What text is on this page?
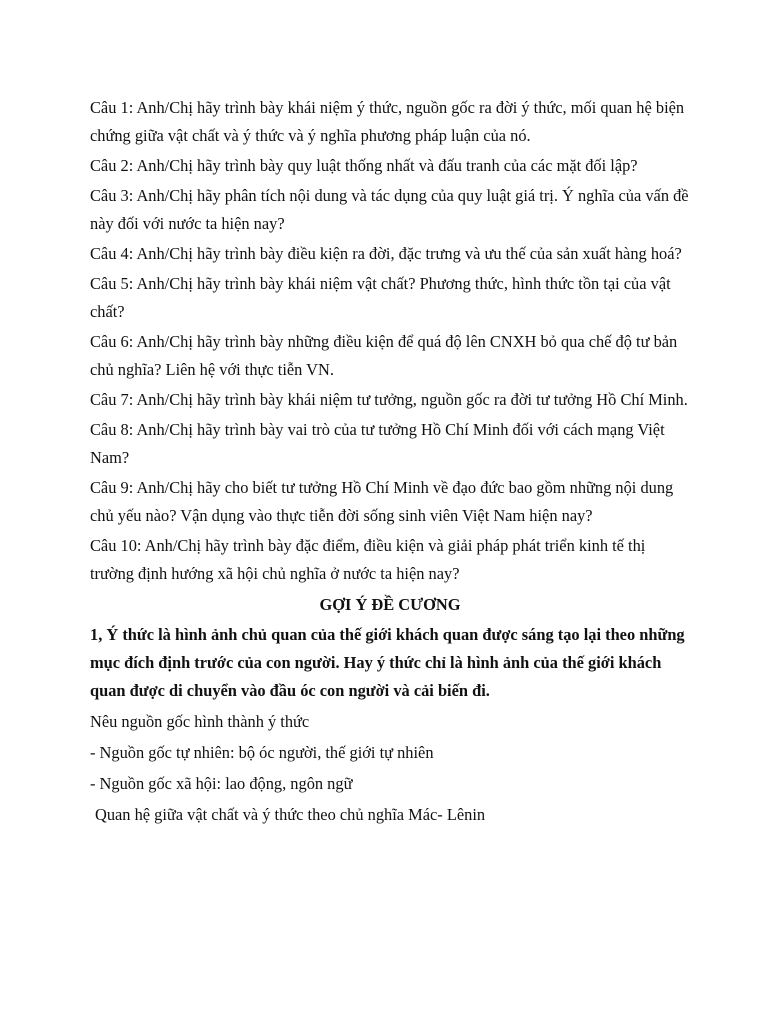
Câu 1: Anh/Chị hãy trình bày khái niệm ý thức, nguồn gốc ra đời ý thức, mối quan hệ biện chứng giữa vật chất và ý thức và ý nghĩa phương pháp luận của nó.

Câu 2: Anh/Chị hãy trình bày quy luật thống nhất và đấu tranh của các mặt đối lập?

Câu 3: Anh/Chị hãy phân tích nội dung và tác dụng của quy luật giá trị. Ý nghĩa của vấn đề này đối với nước ta hiện nay?

Câu 4: Anh/Chị hãy trình bày điều kiện ra đời, đặc trưng và ưu thế của sản xuất hàng hoá?

Câu 5: Anh/Chị hãy trình bày khái niệm vật chất? Phương thức, hình thức tồn tại của vật chất?

Câu 6: Anh/Chị hãy trình bày những điều kiện để quá độ lên CNXH bỏ qua chế độ tư bản chủ nghĩa? Liên hệ với thực tiễn VN.

Câu 7: Anh/Chị hãy trình bày khái niệm tư tưởng, nguồn gốc ra đời tư tưởng Hồ Chí Minh.

Câu 8: Anh/Chị hãy trình bày vai trò của tư tưởng Hồ Chí Minh đối với cách mạng Việt Nam?

Câu 9: Anh/Chị hãy cho biết tư tưởng Hồ Chí Minh về đạo đức bao gồm những nội dung chủ yếu nào? Vận dụng vào thực tiễn đời sống sinh viên Việt Nam hiện nay?

Câu 10: Anh/Chị hãy trình bày đặc điểm, điều kiện và giải pháp phát triển kinh tế thị trường định hướng xã hội chủ nghĩa ở nước ta hiện nay?

GỢI Ý ĐỀ CƯƠNG

1, Ý thức là hình ảnh chủ quan của thế giới khách quan được sáng tạo lại theo những mục đích định trước của con người. Hay ý thức chỉ là hình ảnh của thế giới khách quan được di chuyển vào đầu óc con người và cải biến đi.

Nêu nguồn gốc hình thành ý thức

- Nguồn gốc tự nhiên: bộ óc người, thế giới tự nhiên

- Nguồn gốc xã hội: lao động, ngôn ngữ

Quan hệ giữa vật chất và ý thức theo chủ nghĩa Mác- Lênin
